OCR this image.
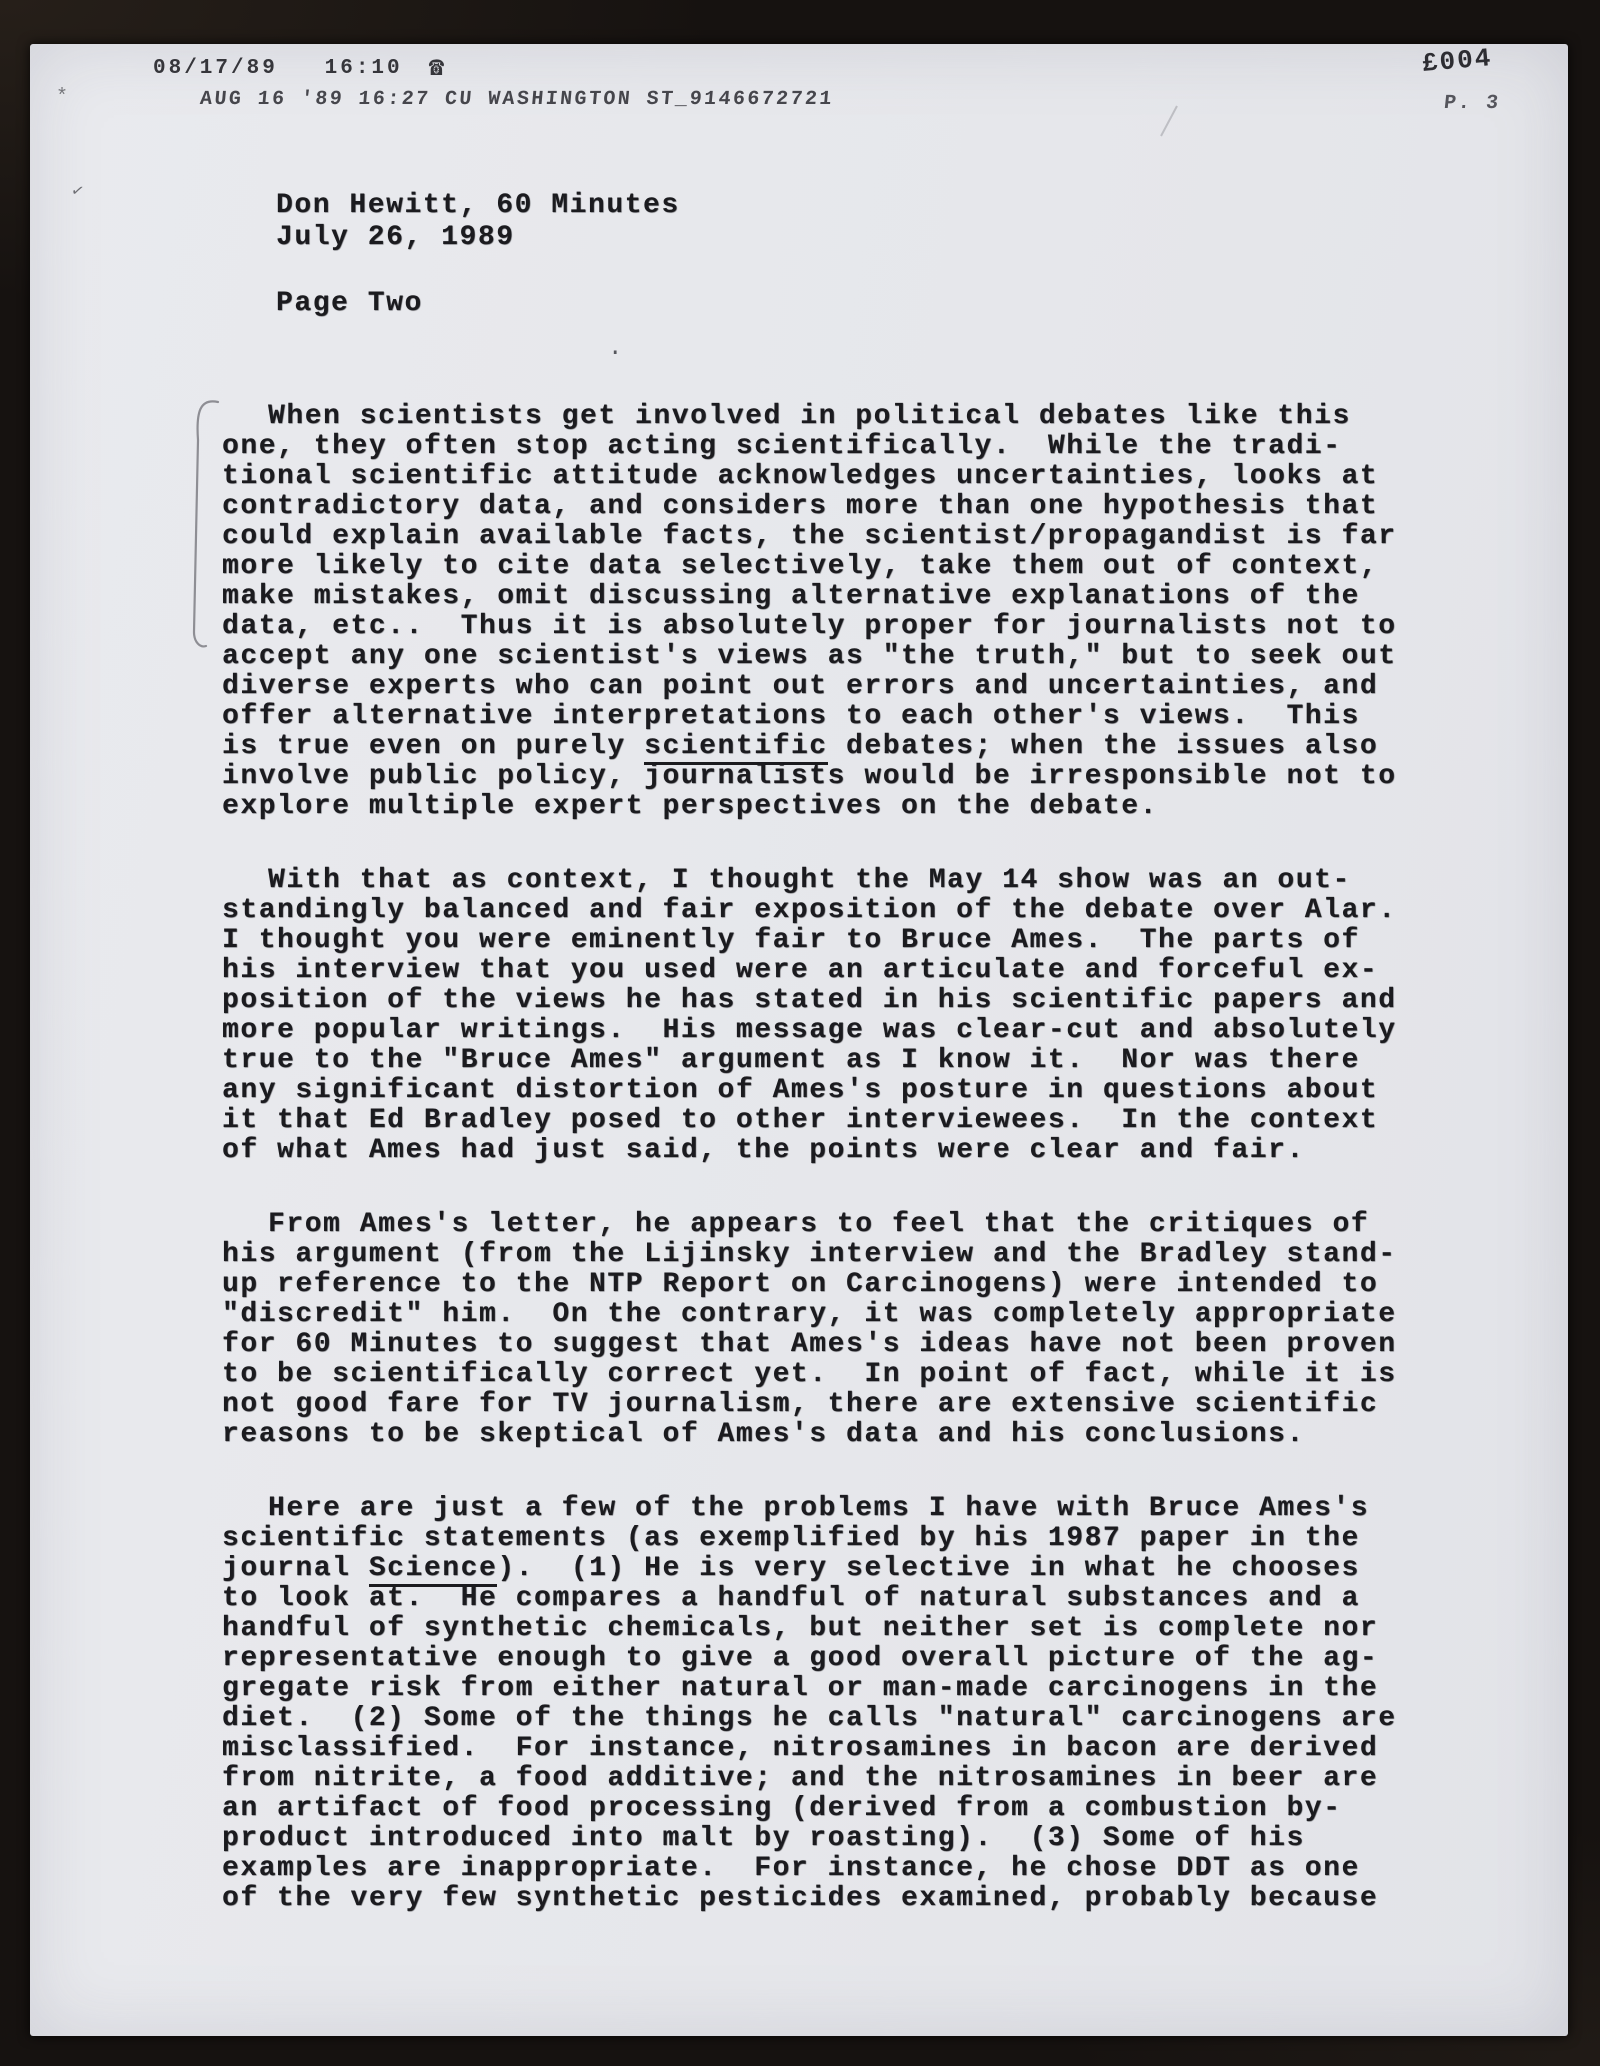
08/17/89   16:10 ☎	£004
AUG 16 '89 16:27 CU WASHINGTON ST_9146672721	P. 3
*
✓
·
Don Hewitt, 60 Minutes
July 26, 1989
Page Two
When scientists get involved in political debates like this
one, they often stop acting scientifically.  While the tradi-
tional scientific attitude acknowledges uncertainties, looks at
contradictory data, and considers more than one hypothesis that
could explain available facts, the scientist/propagandist is far
more likely to cite data selectively, take them out of context,
make mistakes, omit discussing alternative explanations of the
data, etc..  Thus it is absolutely proper for journalists not to
accept any one scientist's views as "the truth," but to seek out
diverse experts who can point out errors and uncertainties, and
offer alternative interpretations to each other's views.  This
is true even on purely scientific debates; when the issues also
involve public policy, journalists would be irresponsible not to
explore multiple expert perspectives on the debate.
With that as context, I thought the May 14 show was an out-
standingly balanced and fair exposition of the debate over Alar.
I thought you were eminently fair to Bruce Ames.  The parts of
his interview that you used were an articulate and forceful ex-
position of the views he has stated in his scientific papers and
more popular writings.  His message was clear-cut and absolutely
true to the "Bruce Ames" argument as I know it.  Nor was there
any significant distortion of Ames's posture in questions about
it that Ed Bradley posed to other interviewees.  In the context
of what Ames had just said, the points were clear and fair.
From Ames's letter, he appears to feel that the critiques of
his argument (from the Lijinsky interview and the Bradley stand-
up reference to the NTP Report on Carcinogens) were intended to
"discredit" him.  On the contrary, it was completely appropriate
for 60 Minutes to suggest that Ames's ideas have not been proven
to be scientifically correct yet.  In point of fact, while it is
not good fare for TV journalism, there are extensive scientific
reasons to be skeptical of Ames's data and his conclusions.
Here are just a few of the problems I have with Bruce Ames's
scientific statements (as exemplified by his 1987 paper in the
journal Science).  (1) He is very selective in what he chooses
to look at.  He compares a handful of natural substances and a
handful of synthetic chemicals, but neither set is complete nor
representative enough to give a good overall picture of the ag-
gregate risk from either natural or man-made carcinogens in the
diet.  (2) Some of the things he calls "natural" carcinogens are
misclassified.  For instance, nitrosamines in bacon are derived
from nitrite, a food additive; and the nitrosamines in beer are
an artifact of food processing (derived from a combustion by-
product introduced into malt by roasting).  (3) Some of his
examples are inappropriate.  For instance, he chose DDT as one
of the very few synthetic pesticides examined, probably because
